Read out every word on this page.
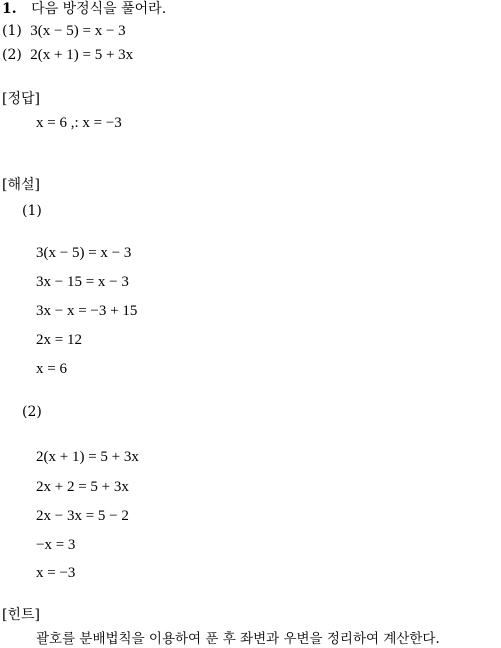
1. 다음 방정식을 풀어라.
(1) 3(x − 5) = x − 3
(2) 2(x + 1) = 5 + 3x
[정답]
x = 6 ,: x = −3
[해설]
(1)
3(x − 5) = x − 3
3x − 15 = x − 3
3x − x = −3 + 15
2x = 12
x = 6
(2)
2(x + 1) = 5 + 3x
2x + 2 = 5 + 3x
2x − 3x = 5 − 2
−x = 3
x = −3
[힌트]
괄호를 분배법칙을 이용하여 푼 후 좌변과 우변을 정리하여 계산한다.
